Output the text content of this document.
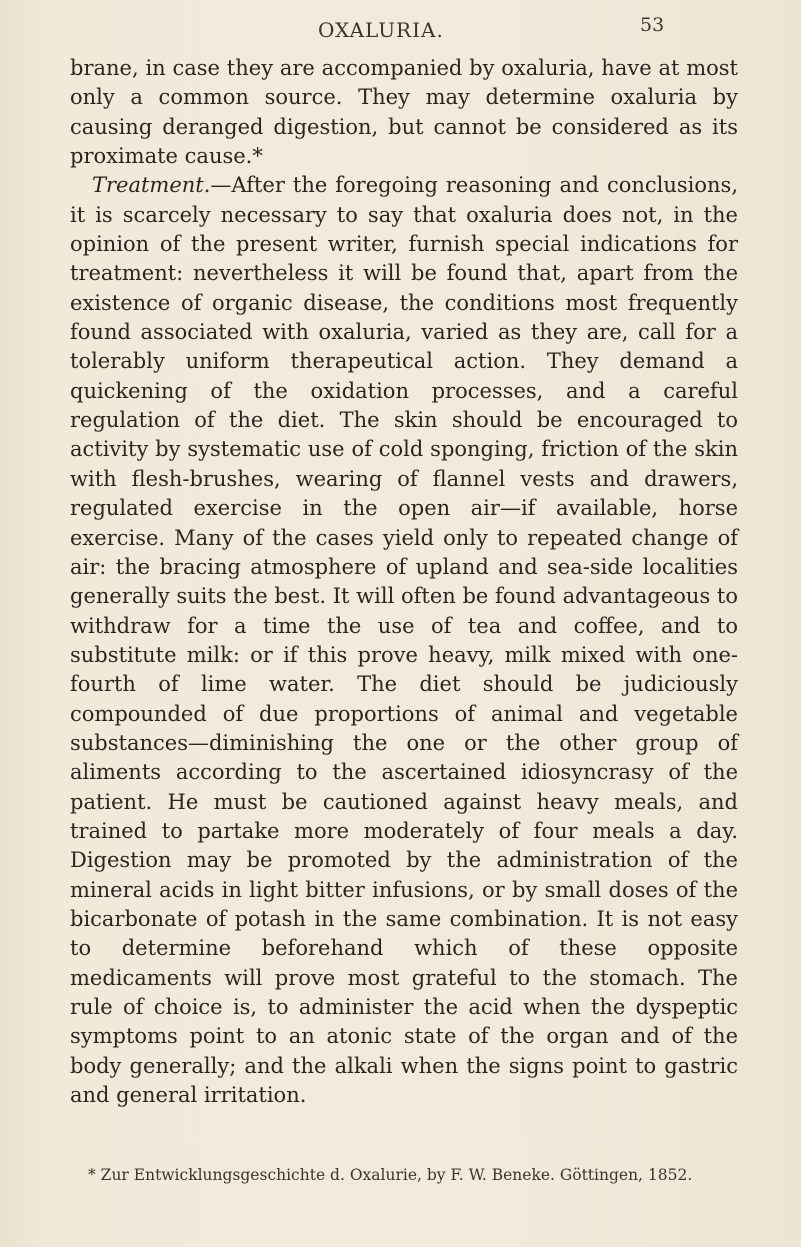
OXALURIA.	53

brane, in case they are accompanied by oxaluria, have at most only a common source. They may determine oxaluria by causing deranged digestion, but cannot be considered as its proximate cause.*

Treatment.—After the foregoing reasoning and conclusions, it is scarcely necessary to say that oxaluria does not, in the opinion of the present writer, furnish special indications for treatment: nevertheless it will be found that, apart from the existence of organic disease, the conditions most frequently found associated with oxaluria, varied as they are, call for a tolerably uniform therapeutical action. They demand a quickening of the oxidation processes, and a careful regulation of the diet. The skin should be encouraged to activity by systematic use of cold sponging, friction of the skin with flesh-brushes, wearing of flannel vests and drawers, regulated exercise in the open air—if available, horse exercise. Many of the cases yield only to repeated change of air: the bracing atmosphere of upland and sea-side localities generally suits the best. It will often be found advantageous to withdraw for a time the use of tea and coffee, and to substitute milk: or if this prove heavy, milk mixed with one-fourth of lime water. The diet should be judiciously compounded of due proportions of animal and vegetable substances—diminishing the one or the other group of aliments according to the ascertained idiosyncrasy of the patient. He must be cautioned against heavy meals, and trained to partake more moderately of four meals a day. Digestion may be promoted by the administration of the mineral acids in light bitter infusions, or by small doses of the bicarbonate of potash in the same combination. It is not easy to determine beforehand which of these opposite medicaments will prove most grateful to the stomach. The rule of choice is, to administer the acid when the dyspeptic symptoms point to an atonic state of the organ and of the body generally; and the alkali when the signs point to gastric and general irritation.

* Zur Entwicklungsgeschichte d. Oxalurie, by F. W. Beneke. Göttingen, 1852.
